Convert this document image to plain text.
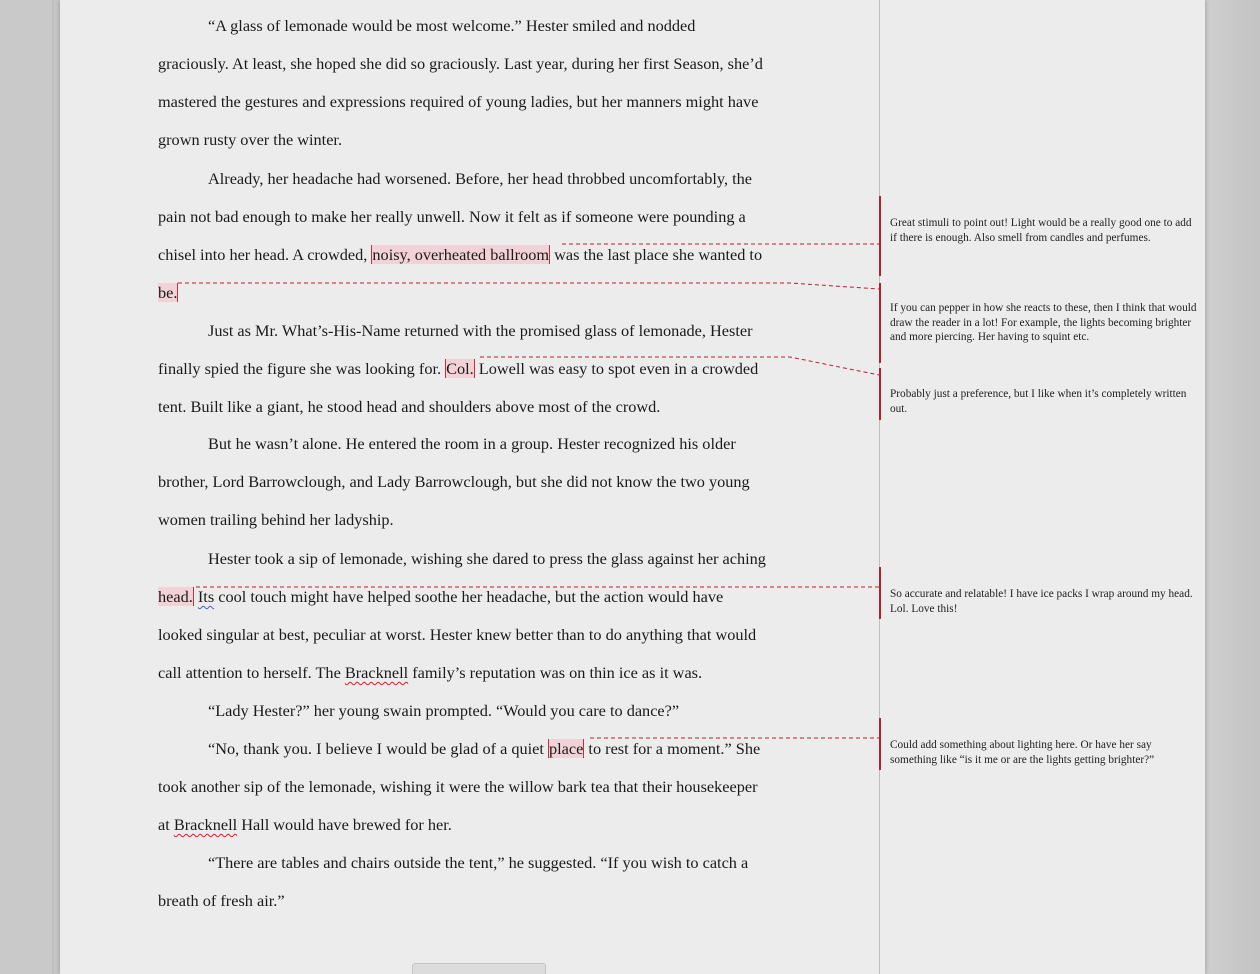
“A glass of lemonade would be most welcome.” Hester smiled and nodded
graciously. At least, she hoped she did so graciously. Last year, during her first Season, she’d
mastered the gestures and expressions required of young ladies, but her manners might have
grown rusty over the winter.
Already, her headache had worsened. Before, her head throbbed uncomfortably, the
pain not bad enough to make her really unwell. Now it felt as if someone were pounding a
chisel into her head. A crowded, noisy, overheated ballroom was the last place she wanted to
be.
Just as Mr. What’s-His-Name returned with the promised glass of lemonade, Hester
finally spied the figure she was looking for. Col. Lowell was easy to spot even in a crowded
tent. Built like a giant, he stood head and shoulders above most of the crowd.
But he wasn’t alone. He entered the room in a group. Hester recognized his older
brother, Lord Barrowclough, and Lady Barrowclough, but she did not know the two young
women trailing behind her ladyship.
Hester took a sip of lemonade, wishing she dared to press the glass against her aching
head. Its cool touch might have helped soothe her headache, but the action would have
looked singular at best, peculiar at worst. Hester knew better than to do anything that would
call attention to herself. The Bracknell family’s reputation was on thin ice as it was.
“Lady Hester?” her young swain prompted. “Would you care to dance?”
“No, thank you. I believe I would be glad of a quiet place to rest for a moment.” She
took another sip of the lemonade, wishing it were the willow bark tea that their housekeeper
at Bracknell Hall would have brewed for her.
“There are tables and chairs outside the tent,” he suggested. “If you wish to catch a
breath of fresh air.”
Great stimuli to point out! Light would be a really good one to add if there is enough. Also smell from candles and perfumes.
If you can pepper in how she reacts to these, then I think that would draw the reader in a lot! For example, the lights becoming brighter and more piercing. Her having to squint etc.
Probably just a preference, but I like when it’s completely written out.
So accurate and relatable! I have ice packs I wrap around my head. Lol. Love this!
Could add something about lighting here. Or have her say something like “is it me or are the lights getting brighter?”
